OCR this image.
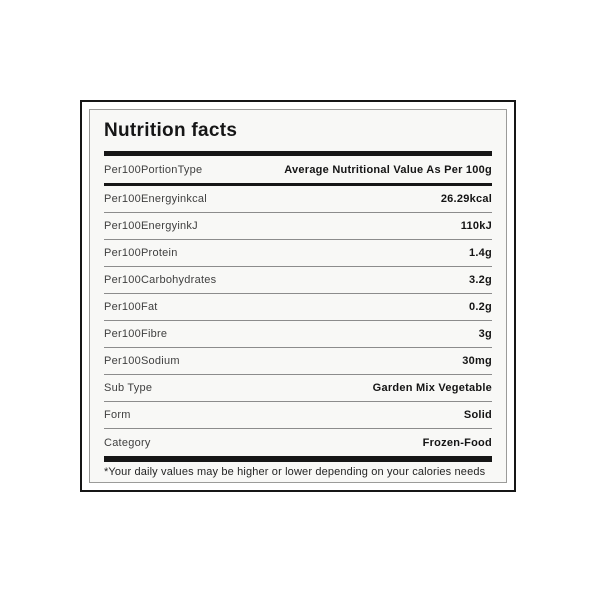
Nutrition facts
Per100PortionType	Average Nutritional Value As Per 100g
Per100Energyinkcal	26.29kcal
Per100EnergyinkJ	110kJ
Per100Protein	1.4g
Per100Carbohydrates	3.2g
Per100Fat	0.2g
Per100Fibre	3g
Per100Sodium	30mg
Sub Type	Garden Mix Vegetable
Form	Solid
Category	Frozen-Food
*Your daily values may be higher or lower depending on your calories needs
